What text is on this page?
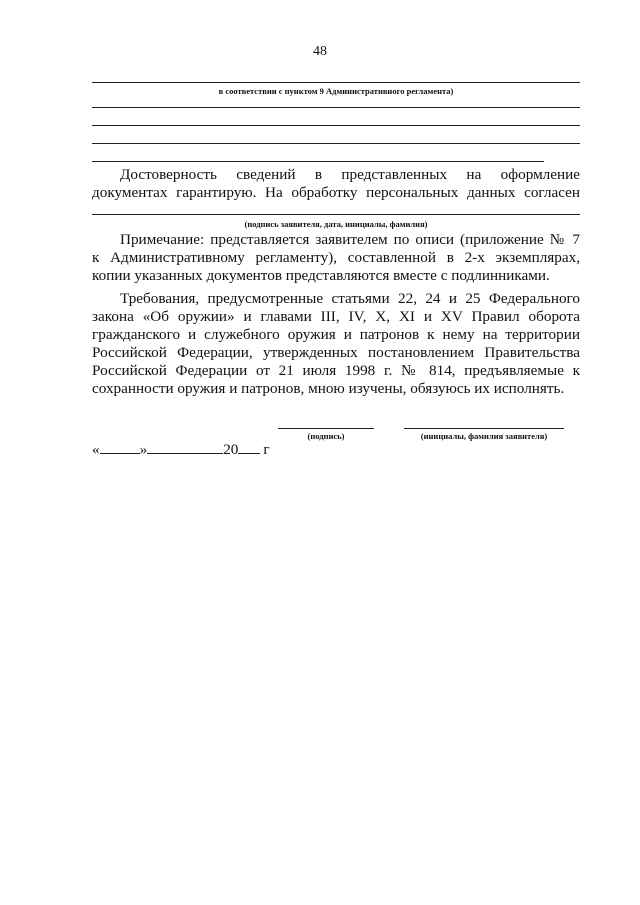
48
в соответствии с пунктом 9 Административного регламента)
Достоверность сведений в представленных на оформление
документах гарантирую. На обработку персональных данных согласен
(подпись заявителя, дата, инициалы, фамилия)
Примечание: представляется заявителем по описи (приложение № 7
к Административному регламенту), составленной в 2-х экземплярах,
копии указанных документов представляются вместе с подлинниками.
Требования, предусмотренные статьями 22, 24 и 25 Федерального
закона «Об оружии» и главами III, IV, X, XI и XV Правил оборота
гражданского и служебного оружия и патронов к нему на территории
Российской Федерации, утвержденных постановлением Правительства
Российской Федерации от 21 июля 1998 г. № 814, предъявляемые к
сохранности оружия и патронов, мною изучены, обязуюсь их исполнять.
(подпись)	(инициалы, фамилия заявителя)
«	»	20 г
